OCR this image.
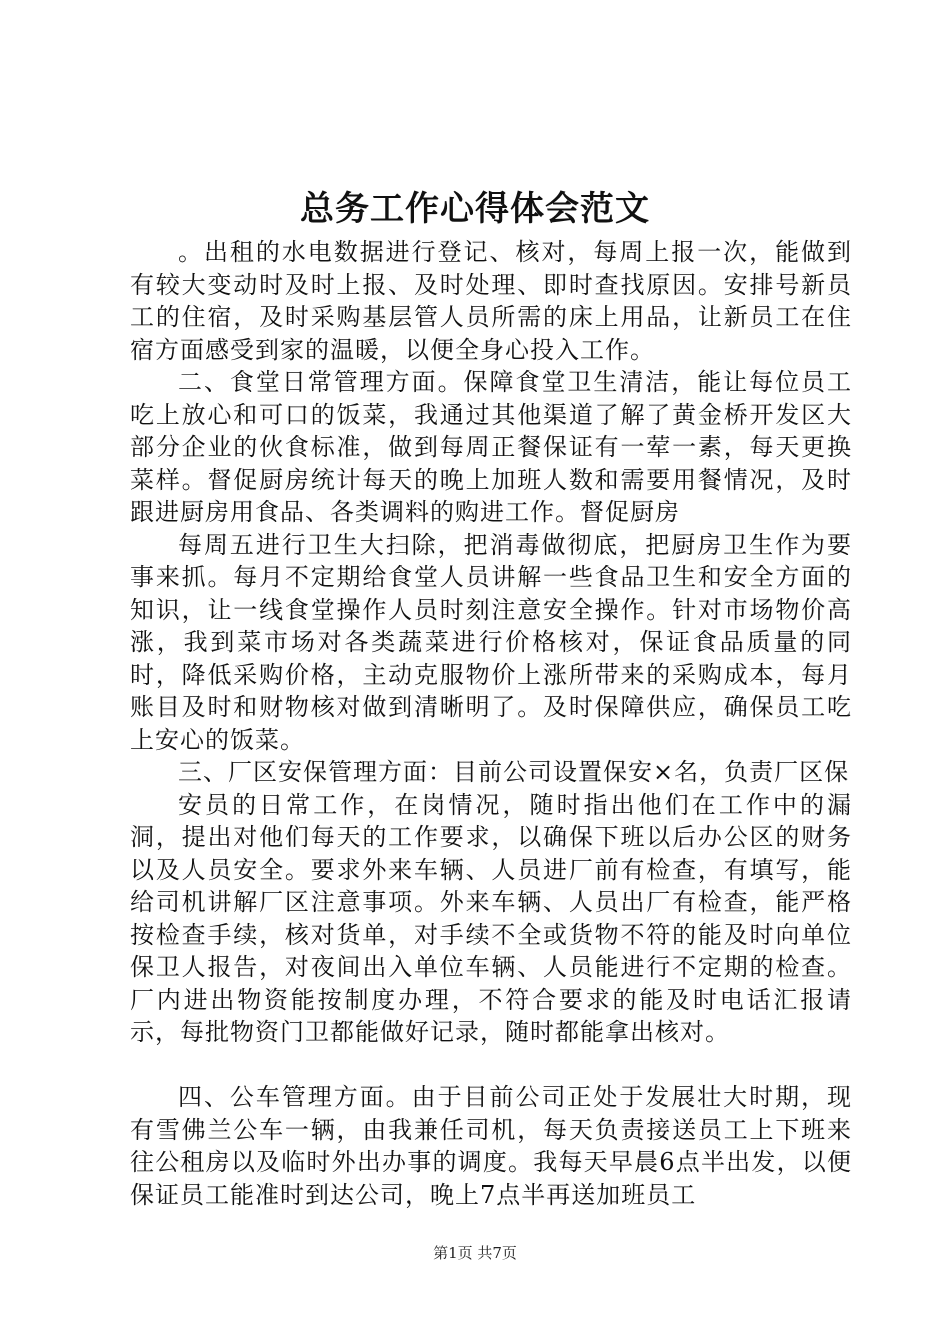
总务工作心得体会范文

。出租的水电数据进行登记、核对，每周上报一次，能做到有较大变动时及时上报、及时处理、即时查找原因。安排号新员工的住宿，及时采购基层管人员所需的床上用品，让新员工在住宿方面感受到家的温暖，以便全身心投入工作。

二、食堂日常管理方面。保障食堂卫生清洁，能让每位员工吃上放心和可口的饭菜，我通过其他渠道了解了黄金桥开发区大部分企业的伙食标准，做到每周正餐保证有一荤一素，每天更换菜样。督促厨房统计每天的晚上加班人数和需要用餐情况，及时跟进厨房用食品、各类调料的购进工作。督促厨房

每周五进行卫生大扫除，把消毒做彻底，把厨房卫生作为要事来抓。每月不定期给食堂人员讲解一些食品卫生和安全方面的知识，让一线食堂操作人员时刻注意安全操作。针对市场物价高涨，我到菜市场对各类蔬菜进行价格核对，保证食品质量的同时，降低采购价格，主动克服物价上涨所带来的采购成本，每月账目及时和财物核对做到清晰明了。及时保障供应，确保员工吃上安心的饭菜。

三、厂区安保管理方面：目前公司设置保安×名，负责厂区保

安员的日常工作，在岗情况，随时指出他们在工作中的漏洞，提出对他们每天的工作要求，以确保下班以后办公区的财务以及人员安全。要求外来车辆、人员进厂前有检查，有填写，能给司机讲解厂区注意事项。外来车辆、人员出厂有检查，能严格按检查手续，核对货单，对手续不全或货物不符的能及时向单位保卫人报告，对夜间出入单位车辆、人员能进行不定期的检查。厂内进出物资能按制度办理，不符合要求的能及时电话汇报请示，每批物资门卫都能做好记录，随时都能拿出核对。

四、公车管理方面。由于目前公司正处于发展壮大时期，现有雪佛兰公车一辆，由我兼任司机，每天负责接送员工上下班来往公租房以及临时外出办事的调度。我每天早晨6点半出发，以便保证员工能准时到达公司，晚上7点半再送加班员工

第1页 共7页
